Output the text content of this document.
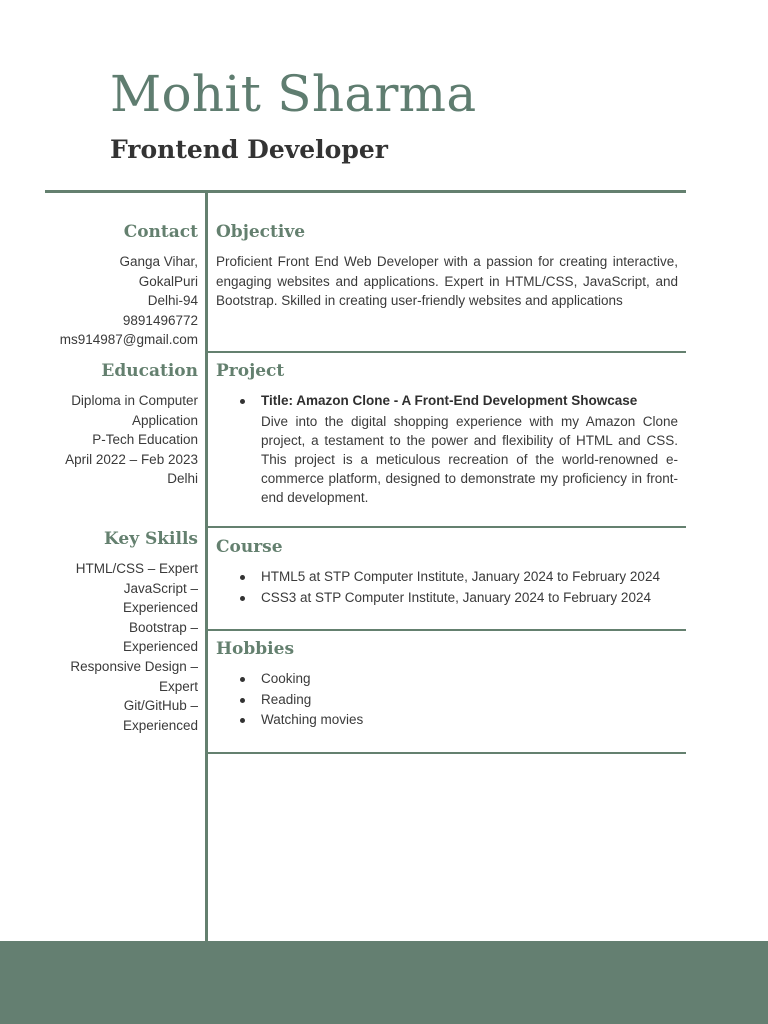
Mohit Sharma
Frontend Developer
Contact
Ganga Vihar,
GokalPuri
Delhi-94
9891496772
ms914987@gmail.com
Education
Diploma in Computer
Application
P-Tech Education
April 2022 – Feb 2023
Delhi
Key Skills
HTML/CSS – Expert
JavaScript –
Experienced
Bootstrap –
Experienced
Responsive Design –
Expert
Git/GitHub –
Experienced
Objective

Proficient Front End Web Developer with a passion for creating interactive, engaging websites and applications. Expert in HTML/CSS, JavaScript, and Bootstrap. Skilled in creating user-friendly websites and applications

Project
Title: Amazon Clone - A Front-End Development Showcase
Dive into the digital shopping experience with my Amazon Clone project, a testament to the power and flexibility of HTML and CSS. This project is a meticulous recreation of the world-renowned e-commerce platform, designed to demonstrate my proficiency in front-end development.
Course
HTML5 at STP Computer Institute, January 2024 to February 2024
CSS3 at STP Computer Institute, January 2024 to February 2024
Hobbies
Cooking
Reading
Watching movies
